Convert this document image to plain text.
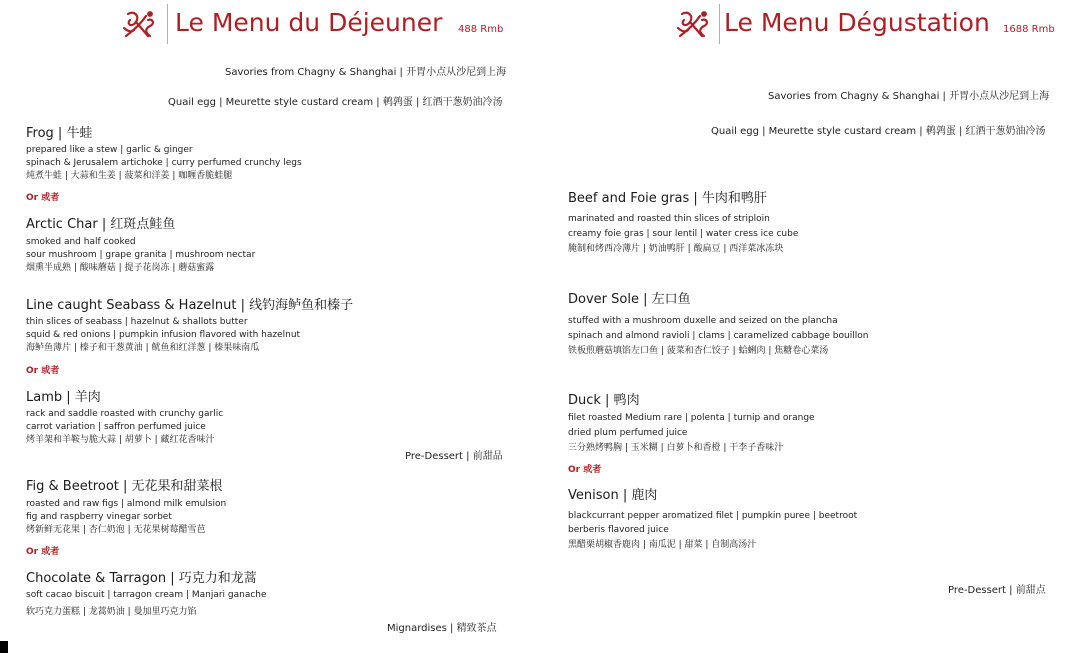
Le Menu du Déjeuner 488 Rmb
Savories from Chagny & Shanghai | 开胃小点从沙尼到上海
Quail egg | Meurette style custard cream | 鹌鹑蛋 | 红酒干葱奶油冷汤
Frog | 牛蛙
prepared like a stew | garlic & ginger
spinach & Jerusalem artichoke | curry perfumed crunchy legs
炖煮牛蛙 | 大蒜和生姜 | 菠菜和洋姜 | 咖喱香脆蛙腿
Or 或者
Arctic Char | 红斑点鲑鱼
smoked and half cooked
sour mushroom | grape granita | mushroom nectar
烟熏半成熟 | 酸味蘑菇 | 提子花岗冻 | 蘑菇蜜露
Line caught Seabass & Hazelnut | 线钓海鲈鱼和榛子
thin slices of seabass | hazelnut & shallots butter
squid & red onions | pumpkin infusion flavored with hazelnut
海鲈鱼薄片 | 榛子和干葱黄油 | 鱿鱼和红洋葱 | 榛果味南瓜
Or 或者
Lamb | 羊肉
rack and saddle roasted with crunchy garlic
carrot variation | saffron perfumed juice
烤羊架和羊鞍与脆大蒜 | 胡萝卜 | 藏红花香味汁
Pre-Dessert | 前甜品
Fig & Beetroot | 无花果和甜菜根
roasted and raw figs | almond milk emulsion
fig and raspberry vinegar sorbet
烤新鲜无花果 | 杏仁奶泡 | 无花果树莓醋雪芭
Or 或者
Chocolate & Tarragon | 巧克力和龙蒿
soft cacao biscuit | tarragon cream | Manjari ganache
软巧克力蛋糕 | 龙蒿奶油 | 曼加里巧克力馅
Mignardises | 精致茶点
Le Menu Dégustation 1688 Rmb
Savories from Chagny & Shanghai | 开胃小点从沙尼到上海
Quail egg | Meurette style custard cream | 鹌鹑蛋 | 红酒干葱奶油冷汤
Beef and Foie gras | 牛肉和鸭肝
marinated and roasted thin slices of striploin
creamy foie gras | sour lentil | water cress ice cube
腌制和烤西冷薄片 | 奶油鸭肝 | 酸扁豆 | 西洋菜冰冻块
Dover Sole | 左口鱼
stuffed with a mushroom duxelle and seized on the plancha
spinach and almond ravioli | clams | caramelized cabbage bouillon
铁板煎蘑菇填馅左口鱼 | 菠菜和杏仁饺子 | 蛤蜊肉 | 焦糖卷心菜汤
Duck | 鸭肉
filet roasted Medium rare | polenta | turnip and orange
dried plum perfumed juice
三分熟烤鸭胸 | 玉米糊 | 白萝卜和香橙 | 干李子香味汁
Or 或者
Venison | 鹿肉
blackcurrant pepper aromatized filet | pumpkin puree | beetroot
berberis flavored juice
黑醋栗胡椒香鹿肉 | 南瓜泥 | 甜菜 | 自制高汤汁
Pre-Dessert | 前甜点
